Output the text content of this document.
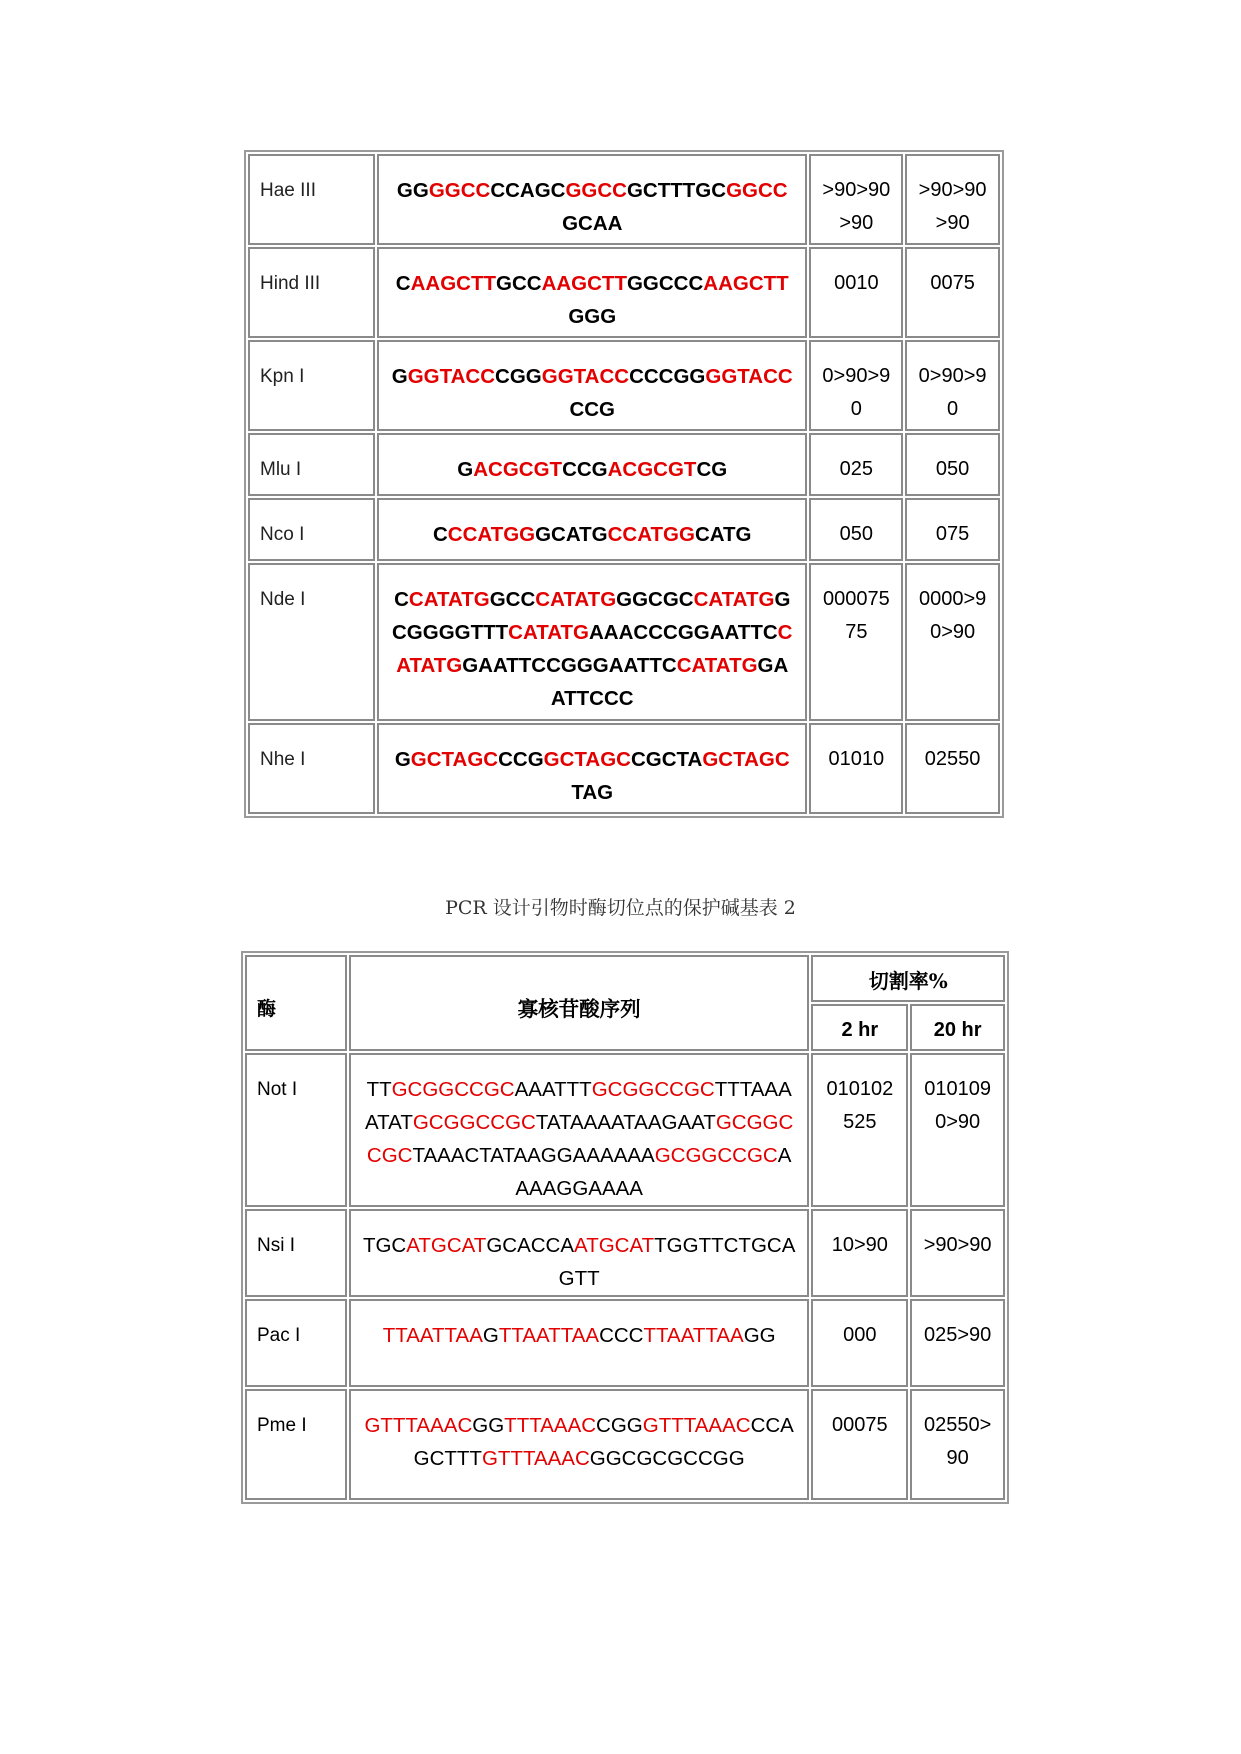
Hae III	GGGGCCCCAGCGGCCGCTTTGCGGCCGCAA	>90>90>90	>90>90>90

Hind III	CAAGCTTGCCAAGCTTGGCCCAAGCTTGGG	0010	0075

Kpn I	GGGTACCCGGGGTACCCCCGGGGTACCCCG	0>90>90	0>90>90

Mlu I	GACGCGTCCGACGCGTCG	025	050

Nco I	CCCATGGGCATGCCATGGCATG	050	075

Nde I	CCATATGGCCCATATGGGCGCCATATGGCGGGGTTTCATATGAAACCCGGAATTCCATATGGAATTCCGGGAATTCCATATGGAATTCCC	00007575	0000>90>90

Nhe I	GGCTAGCCCGGCTAGCCGCTAGCTAGCTAG	01010	02550
PCR 设计引物时酶切位点的保护碱基表 2
酶	寡核苷酸序列	切割率%	

		2 hr	20 hr

Not I	TTGCGGCCGCAAATTTGCGGCCGCTTTAAAATATGCGGCCGCTATAAAATAAGAATGCGGCCGCTAAACTATAAGGAAAAAAGCGGCCGCAAAAGGAAAA	010102525	0101090>90

Nsi I	TGCATGCATGCACCAATGCATTGGTTCTGCAGTT	10>90	>90>90

Pac I	TTAATTAAGTTAATTAACCCTTAATTAAGG	000	025>90

Pme I	GTTTAAACGGTTTAAACCGGGTTTAAACCCAGCTTTGTTTAAACGGCGCGCCGG	00075	02550>90
